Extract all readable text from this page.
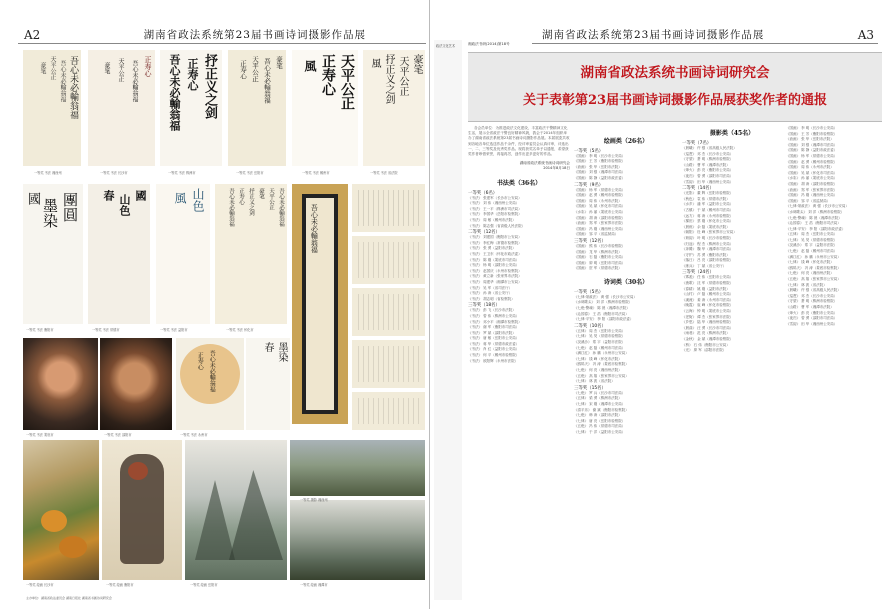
A2	湖南省政法系统第23届书画诗词摄影作品展
吾心未必輸翁福
吾心未必輸翁福
天平公正
豪笔	正寿心
吾心未必輸翁福
天平公正
豪笔	抒正义之剑
正寿心
吾心未必輸翁福	豪笔
吾心未必輸翁福
天平公正
正寿心	天平公正
正寿心
風	豪笔
天平公正
抒正义之剑
風
一等奖 书法 湘西州	一等奖 书法 长沙市	一等奖 书法 株洲市	一等奖 书法 岳阳市	一等奖 书法 郴州市	一等奖 书法 省法院
團圓
墨染
國	國
山色
春	山色
風	吾心未必輸翁福
天平公正
豪笔
抒正义之剑
正寿心
吾心未必輸翁福	吾心未必輸翁福
一等奖 书法 衡阳市	一等奖 书法 常德市	一等奖 书法 益阳市	一等奖 书法 怀化市
正寿心 吾心未必輸翁福	墨染
春
一等奖 书法 娄底市	一等奖 书法 邵阳市	一等奖 书法 永州市
一等奖 绘画 长沙市	一等奖 绘画 衡阳市	一等奖 绘画 岳阳市	一等奖 绘画 湘潭市
一等奖 摄影 湘西州
主办单位：湖南省政法委员会 湖南日报社 湖南省书画诗词研究会
湖南省政法系统第23届书画诗词摄影作品展	A3
政法文化艺术	湘政法书研(2014)第18号
湖南省政法系统书画诗词研究会
关于表彰第23届书画诗词摄影作品展获奖作者的通报
各会员单位：为推进政法文化建设，丰富政法干警精神文化生活，展示全省政法干警良好精神风貌，我会于2014年组织举办了湖南省政法系统第23届书画诗词摄影作品展。本届展览共收到各地各单位选送作品千余件，经评审委员会认真评审，评选出一、二、三等奖及优秀奖作品。现将获奖名单予以通报，希望获奖作者珍惜荣誉，再接再厉，创作出更多更好的作品。
湖南省政法系统书画诗词研究会
2014年8月18日
书法类（36名）
一等奖（6名）
《书法》 张建军（长沙市公安局）
《书法》 刘 伟（湘西州公安局）
《书法》 王一平（株洲市司法局）
《书法》 李国华（岳阳市检察院）
《书法》 周 敏（郴州市法院）
《书法》 陈志强（省高级人民法院）
二等奖（12名）
《书法》 刘建国（衡阳市公安局）
《书法》 李红梅（常德市检察院）
《书法》 张 勇（益阳市法院）
《书法》 王卫东（怀化市政法委）
《书法》 陈 刚（娄底市司法局）
《书法》 杨 明（邵阳市公安局）
《书法》 赵国庆（永州市检察院）
《书法》 黄立新（张家界市法院）
《书法》 周建华（湘潭市公安局）
《书法》 吴 军（省司法厅）
《书法》 孙 涛（省公安厅）
《书法》 胡志明（省检察院）
三等奖（18名）
《书法》 彭 飞（长沙市法院）
《书法》 曾 伟（株洲市公安局）
《书法》 邓小平（湘潭市检察院）
《书法》 谢 军（衡阳市司法局）
《书法》 罗 斌（邵阳市法院）
《书法》 唐 敏（岳阳市公安局）
《书法》 蒋 华（常德市政法委）
《书法》 肖 红（益阳市公安局）
《书法》 何 平（郴州市检察院）
《书法》 欧阳辉（永州市法院）

绘画类（26名）
一等奖（5名）
《国画》 李 明（长沙市公安局）
《国画》 王 芳（衡阳市检察院）
《油画》 张 华（岳阳市法院）
《国画》 刘 强（湘潭市司法局）
《国画》 陈 静（益阳市政法委）
二等奖（9名）
《国画》 杨 军（常德市公安局）
《国画》 赵 勇（郴州市检察院）
《国画》 周 伟（永州市法院）
《国画》 吴 斌（怀化市司法局）
《水彩》 孙 丽（娄底市公安局）
《国画》 胡 涛（邵阳市检察院）
《油画》 郑 军（张家界市法院）
《国画》 冯 刚（湘西州公安局）
《国画》 邹 平（省监狱局）
三等奖（12名）
《国画》 熊 伟（长沙市检察院）
《国画》 龙 华（株洲市法院）
《国画》 石 磊（衡阳市公安局）
《国画》 廖 明（岳阳市司法局）
《国画》 贺 军（常德市法院）
诗词类（30名）
一等奖（5名）
《七律·颂政法》 黄 强（长沙市公安局）
《水调歌头》 刘 洋（株洲市检察院）
《七绝·警魂》 陈 晨（湘潭市法院）
《沁园春》 王 浩（衡阳市司法局）
《七律·平安》 李 阳（邵阳市政法委）
二等奖（10名）
《五律》 周 杰（岳阳市公安局）
《七律》 吴 昊（常德市检察院）
《浣溪沙》 郑 宇（益阳市法院）
《七绝》 赵 磊（郴州市司法局）
《满江红》 孙 鹏（永州市公安局）
《七律》 钱 峰（怀化市法院）
《鹧鸪天》 冯 涛（娄底市检察院）
《七绝》 何 亮（湘西州法院）
《五绝》 高 翔（张家界市公安局）
《七律》 林 波（省法院）
三等奖（15名）
《七绝》 罗 兵（长沙市司法局）
《五律》 梁 勇（株洲市法院）
《七律》 宋 刚（湘潭市公安局）
《清平乐》 谢 斌（衡阳市检察院）
《七绝》 韩 涛（邵阳市法院）
《七律》 唐 亮（岳阳市检察院）
《五绝》 冯 伟（常德市司法局）
《七律》 于 洋（益阳市公安局）
摄影类（45名）
一等奖（7名）
《晨曦》 许 强（省高级人民法院）
《巡逻》 邓 杰（长沙市公安局）
《守望》 萧 明（株洲市检察院）
《山路》 曹 军（湘潭市法院）
《烽火》 彭 亮（衡阳市公安局）
《夜归》 曾 勇（邵阳市司法局）
《雪韵》 田 华（湘西州公安局）
二等奖（14名）
《光影》 董 辉（岳阳市检察院）
《秋色》 袁 伟（常德市法院）
《水乡》 潘 军（益阳市公安局）
《古镇》 于 斌（郴州市司法局）
《远方》 蒋 涛（永州市检察院）
《梯田》 蔡 刚（怀化市公安局）
《晨练》 余 磊（娄底市法院）
《朝阳》 杜 峰（张家界市公安局）
《荷韵》 叶 明（长沙市检察院）
《归途》 程 杰（株洲市公安局）
《奔腾》 魏 华（湘潭市司法局）
《守护》 苏 勇（衡阳市法院）
《落日》 吕 亮（邵阳市检察院）
《练兵》 丁 斌（省公安厅）
三等奖（24名）
《雾凇》 任 伟（岳阳市公安局）
《渔歌》 沈 军（常德市检察院）
《春耕》 姚 刚（益阳市法院）
《山村》 卢 磊（郴州市公安局）
《溪流》 姜 涛（永州市司法局）
《晚霞》 崔 峰（怀化市检察院）
《云海》 钟 明（娄底市公安局）
《老街》 谭 杰（张家界市法院）
《乡愁》 陆 华（湘西州检察院）
《晨曲》 汪 勇（长沙市司法局）
《雨巷》 范 亮（株洲市法院）
《金秋》 金 斌（湘潭市检察院）
《桥》 石 伟（衡阳市公安局）
《光》 廖 军（邵阳市法院）
《国画》 李 明（长沙市公安局）
《国画》 王 芳（衡阳市检察院）
《油画》 张 华（岳阳市法院）
《国画》 刘 强（湘潭市司法局）
《国画》 陈 静（益阳市政法委）
《国画》 杨 军（常德市公安局）
《国画》 赵 勇（郴州市检察院）
《国画》 周 伟（永州市法院）
《国画》 吴 斌（怀化市司法局）
《水彩》 孙 丽（娄底市公安局）
《国画》 胡 涛（邵阳市检察院）
《油画》 郑 军（张家界市法院）
《国画》 冯 刚（湘西州公安局）
《国画》 邹 平（省监狱局）
《七律·颂政法》 黄 强（长沙市公安局）
《水调歌头》 刘 洋（株洲市检察院）
《七绝·警魂》 陈 晨（湘潭市法院）
《沁园春》 王 浩（衡阳市司法局）
《七律·平安》 李 阳（邵阳市政法委）
《五律》 周 杰（岳阳市公安局）
《七律》 吴 昊（常德市检察院）
《浣溪沙》 郑 宇（益阳市法院）
《七绝》 赵 磊（郴州市司法局）
《满江红》 孙 鹏（永州市公安局）
《七律》 钱 峰（怀化市法院）
《鹧鸪天》 冯 涛（娄底市检察院）
《七绝》 何 亮（湘西州法院）
《五绝》 高 翔（张家界市公安局）
《七律》 林 波（省法院）
《晨曦》 许 强（省高级人民法院）
《巡逻》 邓 杰（长沙市公安局）
《守望》 萧 明（株洲市检察院）
《山路》 曹 军（湘潭市法院）
《烽火》 彭 亮（衡阳市公安局）
《夜归》 曾 勇（邵阳市司法局）
《雪韵》 田 华（湘西州公安局）
